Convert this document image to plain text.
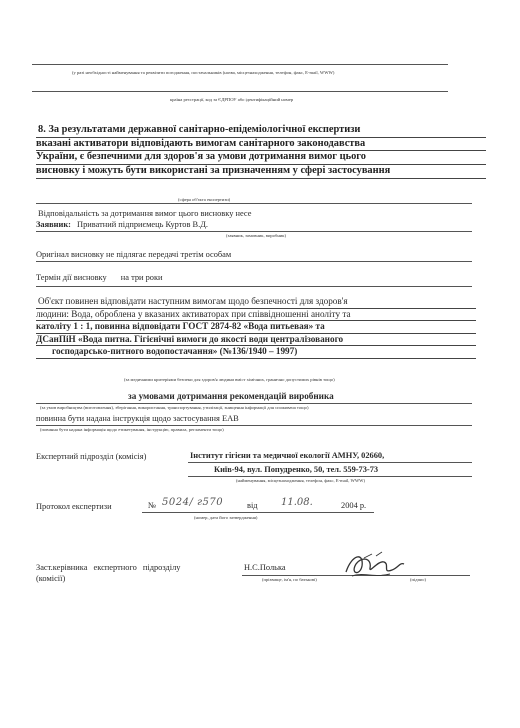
(у разі необхідності найменування та реквізити погодження, постачальників (назва, місцезнаходження, телефон, факс, E-mail, WWW)
країна реєстрації, код за ЄДРПОУ або ідентифікаційний номер
8. За результатами державної санітарно-епідеміологічної експертизи
вказані активатори відповідають вимогам санітарного законодавства
України, є безпечними для здоров'я за умови дотримання вимог цього
висновку і можуть бути використані за призначенням у сфері застосування
(сфера об'єкта експертизи)
Відповідальність за дотримання вимог цього висновку несе
Заявник: Приватний підприємець Куртов В.Д.
(заявник, замовник, виробник)
Оригінал висновку не підлягає передачі третім особам
Термін дії висновку на три роки
Об'єкт повинен відповідати наступним вимогам щодо безпечності для здоров'я
людини: Вода, оброблена у вказаних активаторах при співвідношенні аноліту та
католіту 1 : 1, повинна відповідати ГОСТ 2874-82 «Вода питьевая» та
ДСанПіН «Вода питна. Гігієнічні вимоги до якості води централізованого
господарсько-питного водопостачання» (№136/1940 – 1997)
(за медичними критеріями безпеки для здоров'я людини вміст хімічних, гранично допустимих рівнів тощо)
за умовами дотримання рекомендацій виробника
(за умов виробництва (виготовлення), зберігання, використання, транспортування, утилізації, знищення інформації для споживача тощо)
повинна бути надана інструкція щодо застосування ЕАВ
(повинна бути надана інформація щодо етикетування, інструкцію, правила, регламенти тощо)
Експертний підрозділ (комісія)	Інститут гігієни та медичної екології АМНУ, 02660,
Київ-94, вул. Попудренко, 50, тел. 559-73-73
(найменування, місцезнаходження, телефон, факс, E-mail, WWW)
Протокол експертизи	№ 5024/ г570	від 11.08.	2004 р.
(номер, дата його затвердження)
Заст.керівника експертного підрозділу
(комісії)
Н.С.Полька
(прізвище, ім'я, по батькові)	(підпис)
